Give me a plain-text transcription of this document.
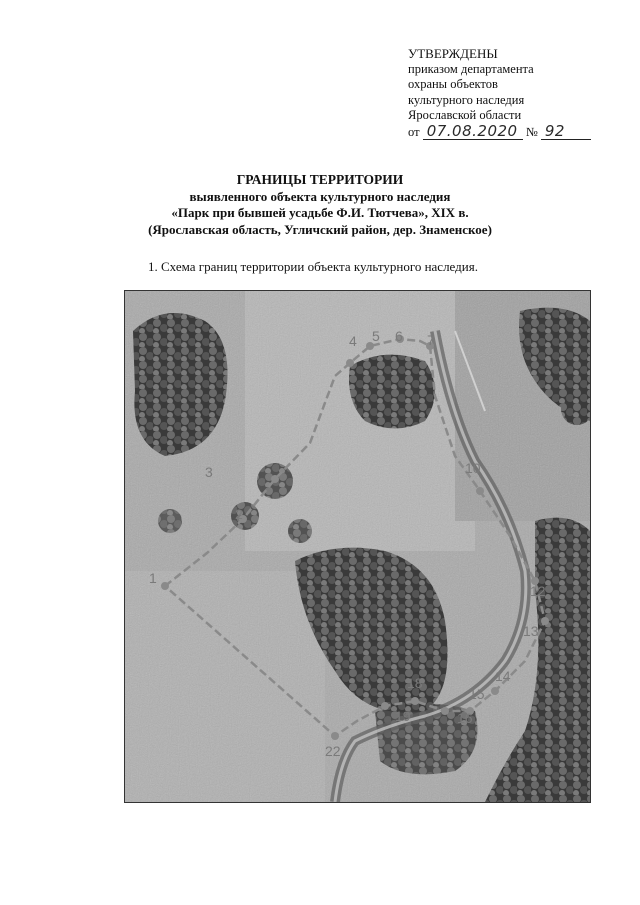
УТВЕРЖДЕНЫ
приказом департамента
охраны объектов
культурного наследия
Ярославской области
от 07.08.2020 № 92
ГРАНИЦЫ ТЕРРИТОРИИ
выявленного объекта культурного наследия
«Парк при бывшей усадьбе Ф.И. Тютчева», XIX в.
(Ярославская область, Угличский район, дер. Знаменское)
1. Схема границ территории объекта культурного наследия.
1
2
3
4 5 6 7
10
12
13
14
15
16
18
19
22
